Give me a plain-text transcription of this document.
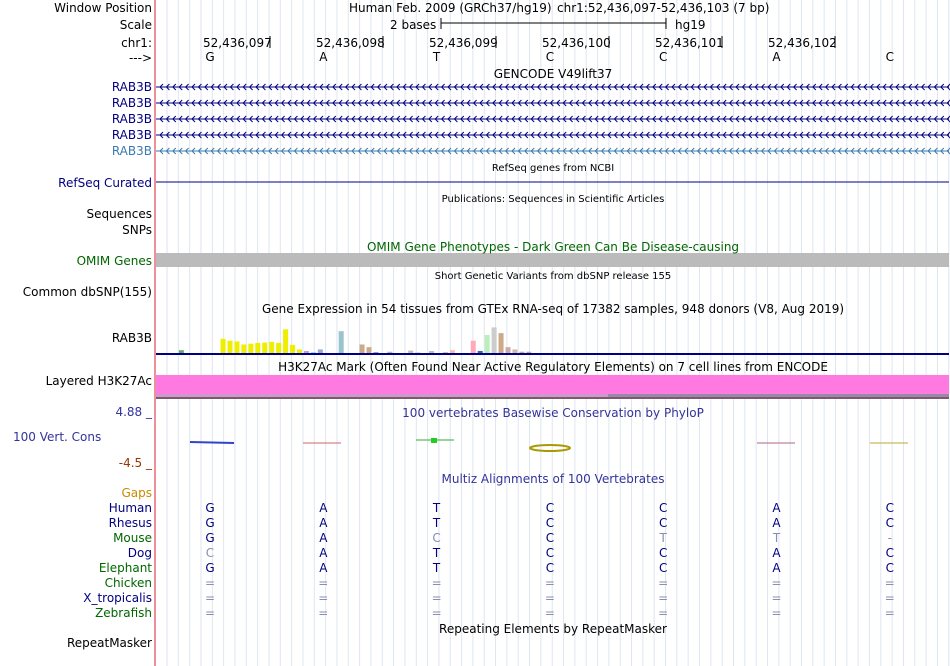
Window Position
Scale
chr1:
--->
Human Feb. 2009 (GRCh37/hg19) chr1:52,436,097-52,436,103 (7 bp)
2 bases	hg19
52,436,097	52,436,098	52,436,099	52,436,100	52,436,101	52,436,102
G	A	T	C	C	A	C
GENCODE V49lift37
RAB3B
RAB3B
RAB3B
RAB3B
RAB3B
RefSeq genes from NCBI
RefSeq Curated
Publications: Sequences in Scientific Articles
Sequences
SNPs
OMIM Gene Phenotypes - Dark Green Can Be Disease-causing
OMIM Genes
Short Genetic Variants from dbSNP release 155
Common dbSNP(155)
Gene Expression in 54 tissues from GTEx RNA-seq of 17382 samples, 948 donors (V8, Aug 2019)
RAB3B
H3K27Ac Mark (Often Found Near Active Regulatory Elements) on 7 cell lines from ENCODE
Layered H3K27Ac
100 vertebrates Basewise Conservation by PhyloP
4.88 _
100 Vert. Cons
-4.5 _
Multiz Alignments of 100 Vertebrates
Gaps
Human	G	A	T	C	C	A	C
Rhesus	G	A	T	C	C	A	C
Mouse	G	A	C	C	T	T	-
Dog	C	A	T	C	C	A	C
Elephant	G	A	T	C	C	A	C
Chicken	=	=	=	=	=	=	=
X_tropicalis	=	=	=	=	=	=	=
Zebrafish	=	=	=	=	=	=	=
Repeating Elements by RepeatMasker
RepeatMasker
